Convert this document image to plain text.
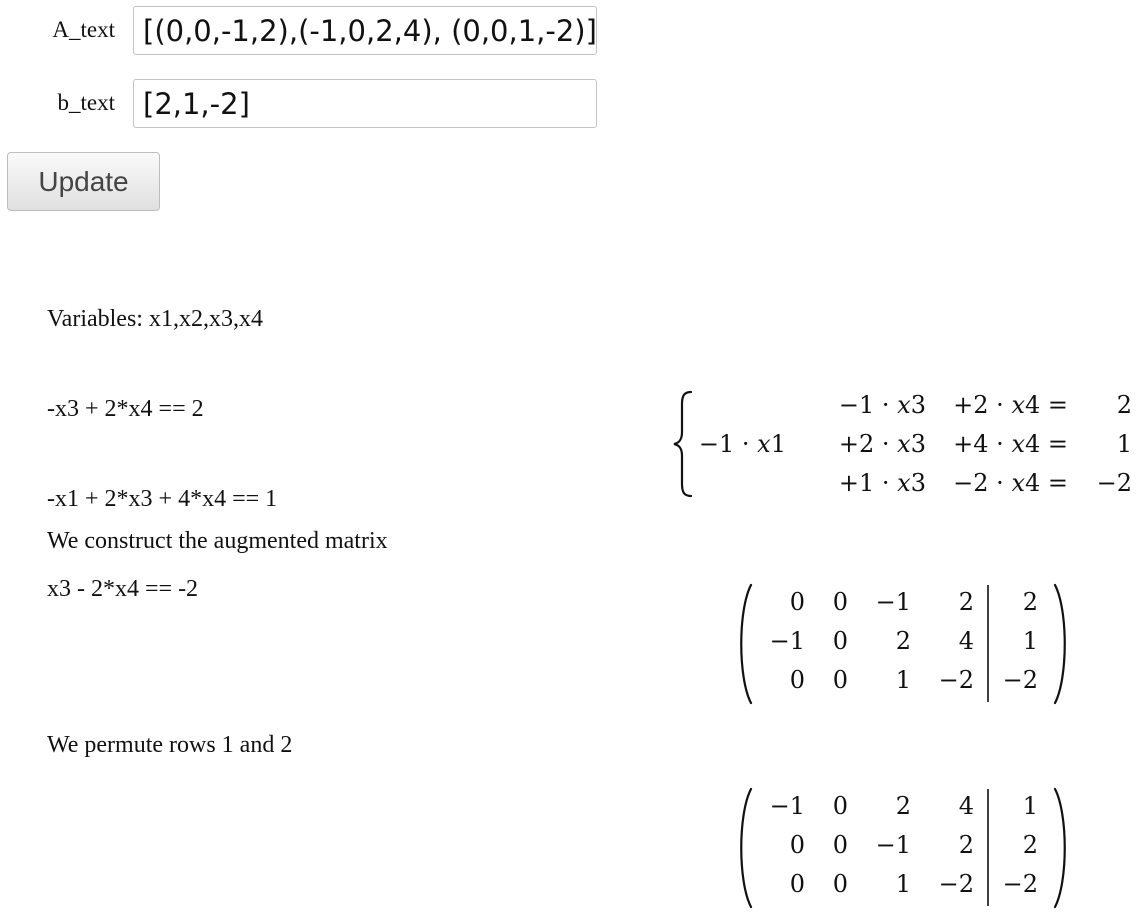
A_text
[(0,0,-1,2),(-1,0,2,4), (0,0,1,-2)]
b_text
[2,1,-2]
Update

Variables: x1,x2,x3,x4

-x3 + 2*x4 == 2

-x1 + 2*x3 + 4*x4 == 1

x3 - 2*x4 == -2

−1 · x3 +2 · x4 = 2
−1 · x1 +2 · x3 +4 · x4 = 1
+1 · x3 −2 · x4 = −2
We construct the augmented matrix
We permute rows 1 and 2
0 0 −1 2 2
−1 0 2 4 1
0 0 1 −2 −2
−1 0 2 4 1
0 0 −1 2 2
0 0 1 −2 −2
